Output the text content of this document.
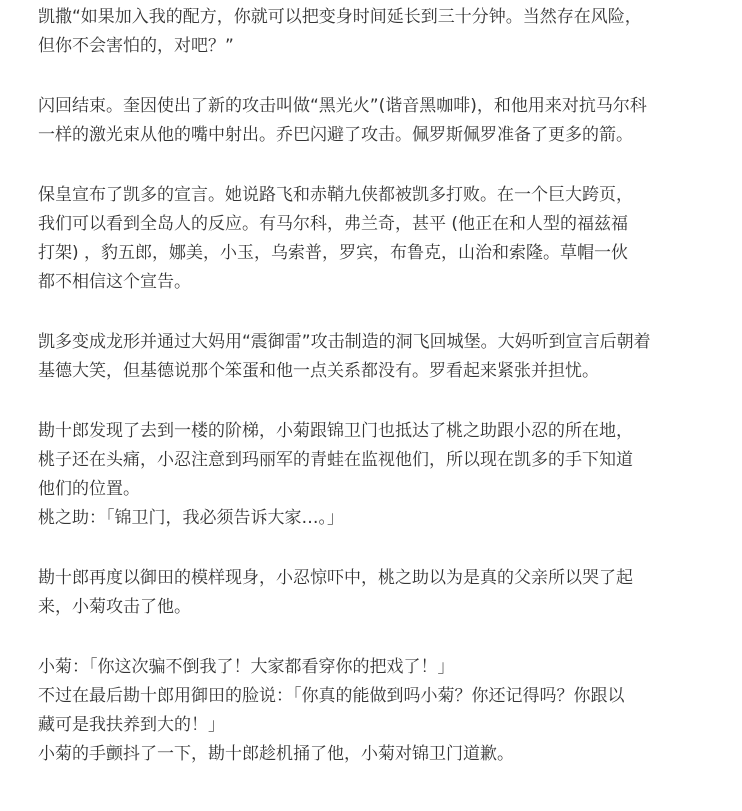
凯撒“如果加入我的配方，你就可以把变身时间延长到三十分钟。当然存在风险，
但你不会害怕的，对吧？”
闪回结束。奎因使出了新的攻击叫做“黑光火”(谐音黑咖啡)，和他用来对抗马尔科
一样的激光束从他的嘴中射出。乔巴闪避了攻击。佩罗斯佩罗准备了更多的箭。
保皇宣布了凯多的宣言。她说路飞和赤鞘九侠都被凯多打败。在一个巨大跨页，
我们可以看到全岛人的反应。有马尔科，弗兰奇，甚平 (他正在和人型的福兹福
打架) ，豹五郎，娜美，小玉，乌索普，罗宾，布鲁克，山治和索隆。草帽一伙
都不相信这个宣告。
凯多变成龙形并通过大妈用“震御雷”攻击制造的洞飞回城堡。大妈听到宣言后朝着
基德大笑，但基德说那个笨蛋和他一点关系都没有。罗看起来紧张并担忧。
勘十郎发现了去到一楼的阶梯，小菊跟锦卫门也抵达了桃之助跟小忍的所在地，
桃子还在头痛，小忍注意到玛丽军的青蛙在监视他们，所以现在凯多的手下知道
他们的位置。
桃之助：「锦卫门，我必须告诉大家…。」
勘十郎再度以御田的模样现身，小忍惊吓中，桃之助以为是真的父亲所以哭了起
来，小菊攻击了他。
小菊：「你这次骗不倒我了！大家都看穿你的把戏了！」
不过在最后勘十郎用御田的脸说：「你真的能做到吗小菊？你还记得吗？你跟以
藏可是我扶养到大的！」
小菊的手颤抖了一下，勘十郎趁机捅了他，小菊对锦卫门道歉。
